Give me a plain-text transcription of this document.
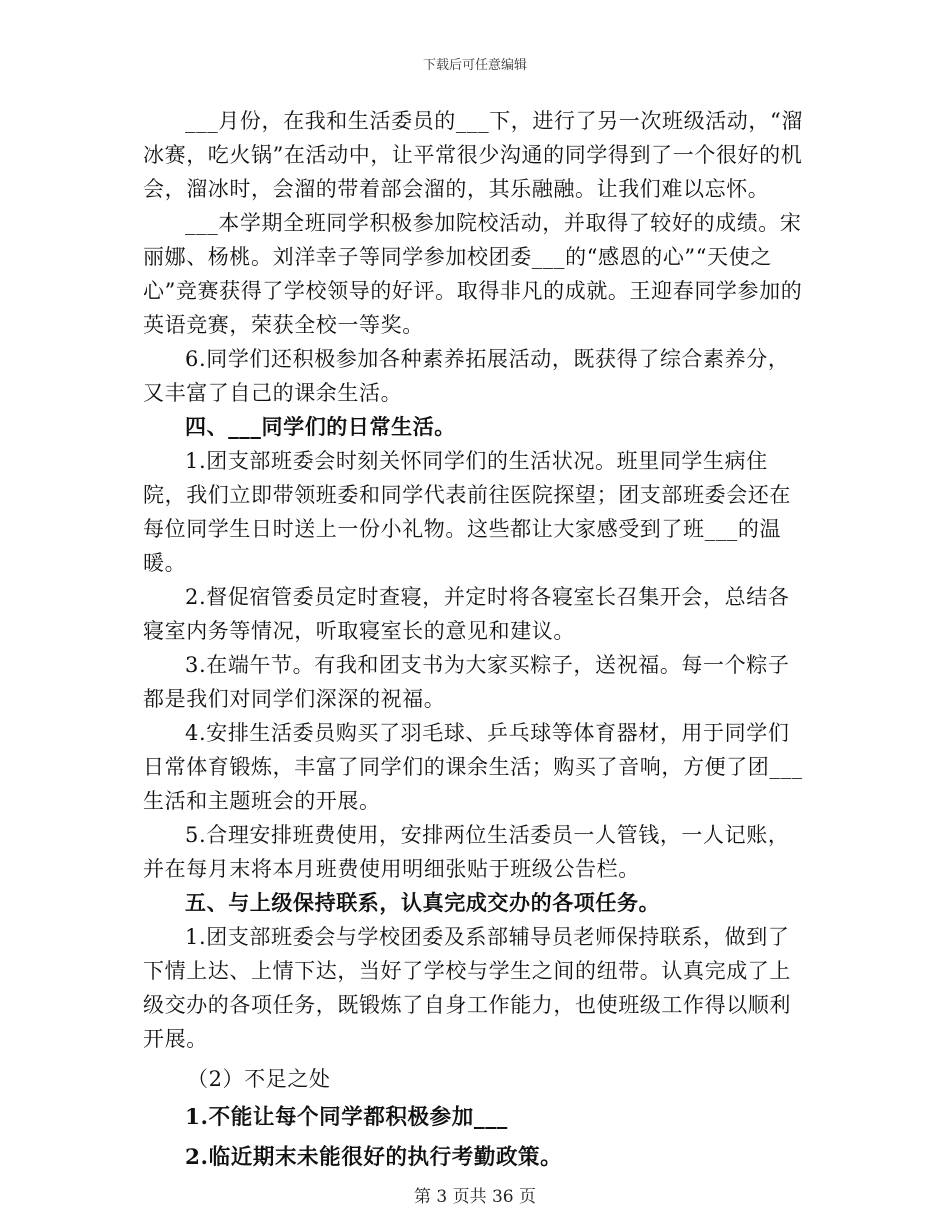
下载后可任意编辑

___月份，在我和生活委员的___下，进行了另一次班级活动，“溜冰赛，吃火锅”在活动中，让平常很少沟通的同学得到了一个很好的机会，溜冰时，会溜的带着部会溜的，其乐融融。让我们难以忘怀。

___本学期全班同学积极参加院校活动，并取得了较好的成绩。宋丽娜、杨桃。刘洋幸子等同学参加校团委___的“感恩的心”“天使之心”竞赛获得了学校领导的好评。取得非凡的成就。王迎春同学参加的英语竞赛，荣获全校一等奖。

6.同学们还积极参加各种素养拓展活动，既获得了综合素养分，又丰富了自己的课余生活。

四、___同学们的日常生活。

1.团支部班委会时刻关怀同学们的生活状况。班里同学生病住院，我们立即带领班委和同学代表前往医院探望；团支部班委会还在每位同学生日时送上一份小礼物。这些都让大家感受到了班___的温暖。

2.督促宿管委员定时查寝，并定时将各寝室长召集开会，总结各寝室内务等情况，听取寝室长的意见和建议。

3.在端午节。有我和团支书为大家买粽子，送祝福。每一个粽子都是我们对同学们深深的祝福。

4.安排生活委员购买了羽毛球、乒乓球等体育器材，用于同学们日常体育锻炼，丰富了同学们的课余生活；购买了音响，方便了团___生活和主题班会的开展。

5.合理安排班费使用，安排两位生活委员一人管钱，一人记账，并在每月末将本月班费使用明细张贴于班级公告栏。

五、与上级保持联系，认真完成交办的各项任务。

1.团支部班委会与学校团委及系部辅导员老师保持联系，做到了下情上达、上情下达，当好了学校与学生之间的纽带。认真完成了上级交办的各项任务，既锻炼了自身工作能力，也使班级工作得以顺利开展。

（2）不足之处

1.不能让每个同学都积极参加___

2.临近期末未能很好的执行考勤政策。

第 3 页共 36 页
